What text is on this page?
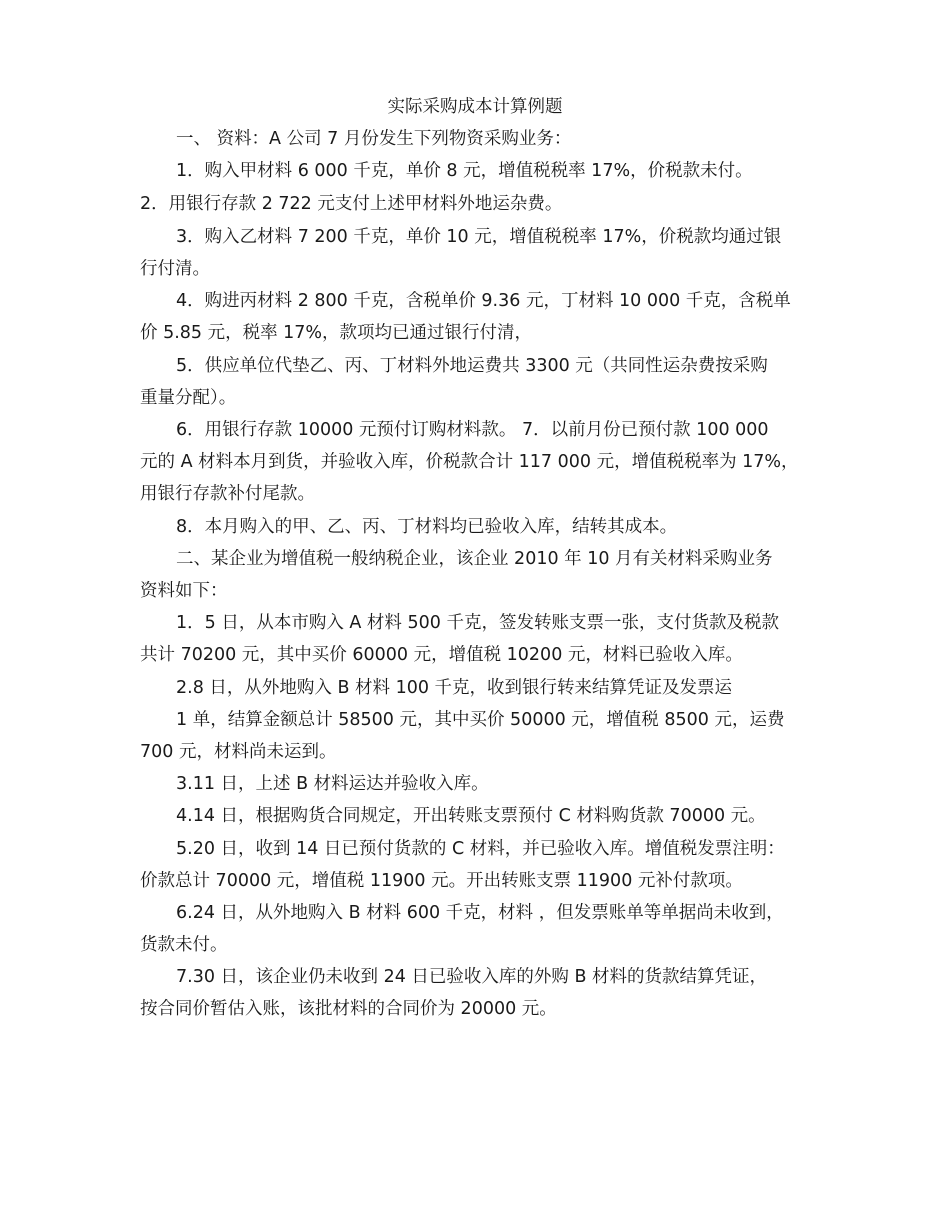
实际采购成本计算例题
一、 资料：A 公司 7 月份发生下列物资采购业务：
1．购入甲材料 6 000 千克，单价 8 元，增值税税率 17%，价税款未付。
2．用银行存款 2 722 元支付上述甲材料外地运杂费。
3．购入乙材料 7 200 千克，单价 10 元，增值税税率 17%，价税款均通过银
行付清。
4．购进丙材料 2 800 千克，含税单价 9.36 元，丁材料 10 000 千克，含税单
价 5.85 元，税率 17%，款项均已通过银行付清，
5．供应单位代垫乙、丙、丁材料外地运费共 3300 元（共同性运杂费按采购
重量分配）。
6．用银行存款 10000 元预付订购材料款。 7．以前月份已预付款 100 000
元的 A 材料本月到货，并验收入库，价税款合计 117 000 元，增值税税率为 17%，
用银行存款补付尾款。
8．本月购入的甲、乙、丙、丁材料均已验收入库，结转其成本。
二、某企业为增值税一般纳税企业，该企业 2010 年 10 月有关材料采购业务
资料如下：
1．5 日，从本市购入 A 材料 500 千克，签发转账支票一张，支付货款及税款
共计 70200 元，其中买价 60000 元，增值税 10200 元，材料已验收入库。
2.8 日，从外地购入 B 材料 100 千克，收到银行转来结算凭证及发票运
1 单，结算金额总计 58500 元，其中买价 50000 元，增值税 8500 元，运费
700 元，材料尚未运到。
3.11 日，上述 B 材料运达并验收入库。
4.14 日，根据购货合同规定，开出转账支票预付 C 材料购货款 70000 元。
5.20 日，收到 14 日已预付货款的 C 材料，并已验收入库。增值税发票注明：
价款总计 70000 元，增值税 11900 元。开出转账支票 11900 元补付款项。
6.24 日，从外地购入 B 材料 600 千克，材料 ，但发票账单等单据尚未收到，
货款未付。
7.30 日，该企业仍未收到 24 日已验收入库的外购 B 材料的货款结算凭证，
按合同价暂估入账，该批材料的合同价为 20000 元。
